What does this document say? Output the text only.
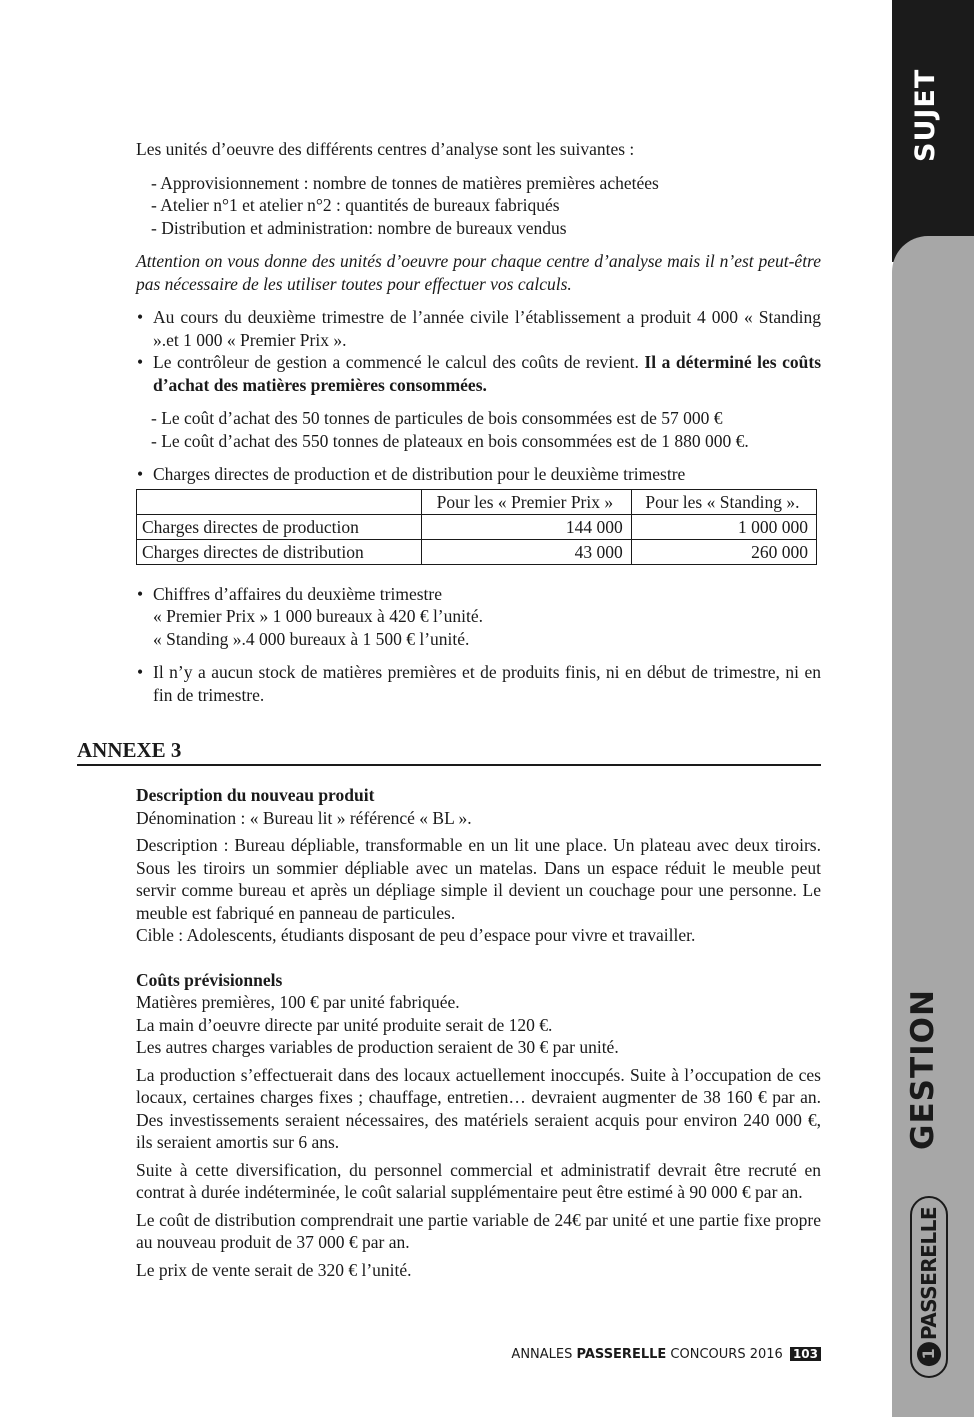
SUJET
GESTION
1PASSERELLE

Les unités d’oeuvre des différents centres d’analyse sont les suivantes :

- Approvisionnement : nombre de tonnes de matières premières achetées

- Atelier n°1 et atelier n°2 : quantités de bureaux fabriqués

- Distribution et administration: nombre de bureaux vendus

Attention on vous donne des unités d’oeuvre pour chaque centre d’analyse mais il n’est peut-être pas nécessaire de les utiliser toutes pour effectuer vos calculs.

• Au cours du deuxième trimestre de l’année civile l’établissement a produit 4 000 « Standing ».et 1 000 « Premier Prix ».

• Le contrôleur de gestion a commencé le calcul des coûts de revient. Il a déterminé les coûts d’achat des matières premières consommées.

- Le coût d’achat des 50 tonnes de particules de bois consommées est de 57 000 €

- Le coût d’achat des 550 tonnes de plateaux en bois consommées est de 1 880 000 €.

• Charges directes de production et de distribution pour le deuxième trimestre

	Pour les « Premier Prix »	Pour les « Standing ».
Charges directes de production	144 000	1 000 000
Charges directes de distribution	43 000	260 000

• Chiffres d’affaires du deuxième trimestre

« Premier Prix » 1 000 bureaux à 420 € l’unité.

« Standing ».4 000 bureaux à 1 500 € l’unité.

• Il n’y a aucun stock de matières premières et de produits finis, ni en début de trimestre, ni en fin de trimestre.

ANNEXE 3

Description du nouveau produit

Dénomination : « Bureau lit » référencé « BL ».

Description : Bureau dépliable, transformable en un lit une place. Un plateau avec deux tiroirs. Sous les tiroirs un sommier dépliable avec un matelas. Dans un espace réduit le meuble peut servir comme bureau et après un dépliage simple il devient un couchage pour une personne. Le meuble est fabriqué en panneau de particules.

Cible : Adolescents, étudiants disposant de peu d’espace pour vivre et travailler.

Coûts prévisionnels

Matières premières, 100 € par unité fabriquée.

La main d’oeuvre directe par unité produite serait de 120 €.

Les autres charges variables de production seraient de 30 € par unité.

La production s’effectuerait dans des locaux actuellement inoccupés. Suite à l’occupation de ces locaux, certaines charges fixes ; chauffage, entretien… devraient augmenter de 38 160 € par an. Des investissements seraient nécessaires, des matériels seraient acquis pour environ 240 000 €, ils seraient amortis sur 6 ans.

Suite à cette diversification, du personnel commercial et administratif devrait être recruté en contrat à durée indéterminée, le coût salarial supplémentaire peut être estimé à 90 000 € par an.

Le coût de distribution comprendrait une partie variable de 24€ par unité et une partie fixe propre au nouveau produit de 37 000 € par an.

Le prix de vente serait de 320 € l’unité.

ANNALES PASSERELLE CONCOURS 2016 103
